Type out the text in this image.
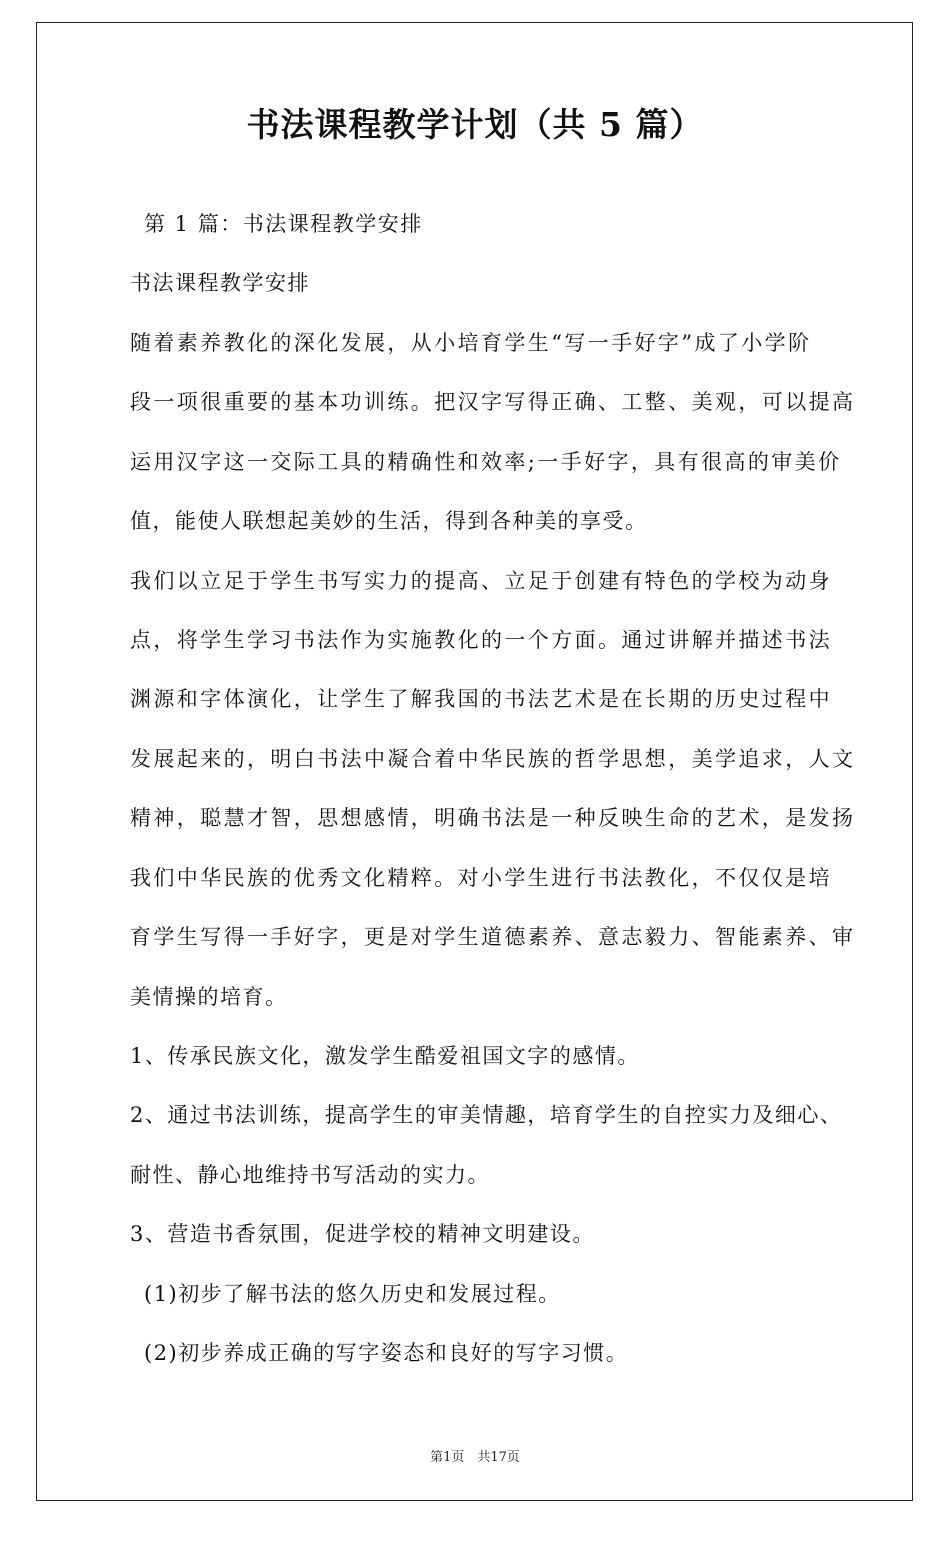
书法课程教学计划（共 5 篇）

第 1 篇：书法课程教学安排

书法课程教学安排

随着素养教化的深化发展，从小培育学生“写一手好字”成了小学阶

段一项很重要的基本功训练。把汉字写得正确、工整、美观，可以提高

运用汉字这一交际工具的精确性和效率;一手好字，具有很高的审美价

值，能使人联想起美妙的生活，得到各种美的享受。

我们以立足于学生书写实力的提高、立足于创建有特色的学校为动身

点，将学生学习书法作为实施教化的一个方面。通过讲解并描述书法

渊源和字体演化，让学生了解我国的书法艺术是在长期的历史过程中

发展起来的，明白书法中凝合着中华民族的哲学思想，美学追求，人文

精神，聪慧才智，思想感情，明确书法是一种反映生命的艺术，是发扬

我们中华民族的优秀文化精粹。对小学生进行书法教化，不仅仅是培

育学生写得一手好字，更是对学生道德素养、意志毅力、智能素养、审

美情操的培育。

1、传承民族文化，激发学生酷爱祖国文字的感情。

2、通过书法训练，提高学生的审美情趣，培育学生的自控实力及细心、

耐性、静心地维持书写活动的实力。

3、营造书香氛围，促进学校的精神文明建设。

(1)初步了解书法的悠久历史和发展过程。

(2)初步养成正确的写字姿态和良好的写字习惯。

第1页　共17页
